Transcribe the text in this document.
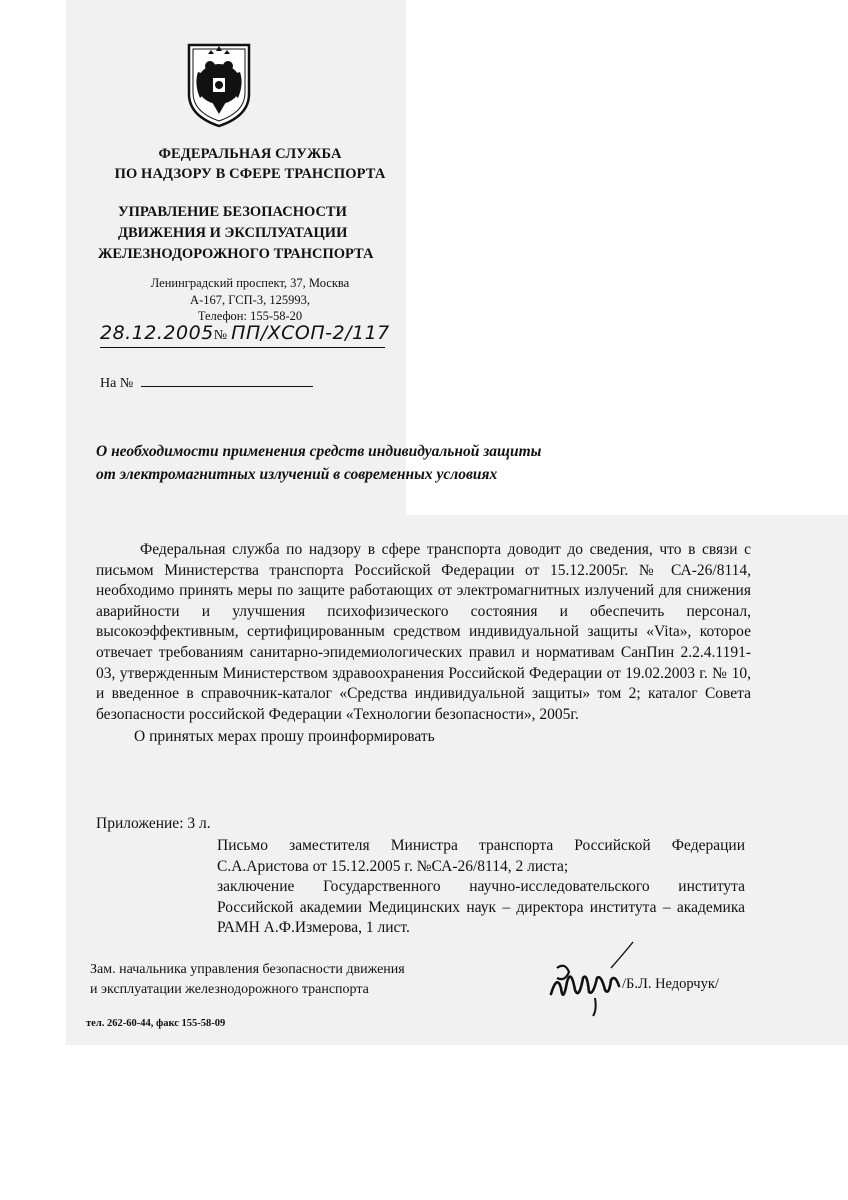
ФЕДЕРАЛЬНАЯ СЛУЖБА
ПО НАДЗОРУ В СФЕРЕ ТРАНСПОРТА
УПРАВЛЕНИЕ БЕЗОПАСНОСТИ
ДВИЖЕНИЯ И ЭКСПЛУАТАЦИИ
ЖЕЛЕЗНОДОРОЖНОГО ТРАНСПОРТА
Ленинградский проспект, 37, Москва
А-167, ГСП-3, 125993,
Телефон: 155-58-20
28.12.2005№ ПП/ХСОП-2/117
На №
О необходимости применения средств индивидуальной защиты
от электромагнитных излучений в современных условиях

Федеральная служба по надзору в сфере транспорта доводит до сведения, что в связи с письмом Министерства транспорта Российской Федерации от 15.12.2005г. № СА-26/8114, необходимо принять меры по защите работающих от электромагнитных излучений для снижения аварийности и улучшения психофизического состояния и обеспечить персонал, высокоэффективным, сертифицированным средством индивидуальной защиты «Vita», которое отвечает требованиям санитарно-эпидемиологических правил и нормативам СанПин 2.2.4.1191-03, утвержденным Министерством здравоохранения Российской Федерации от 19.02.2003 г. № 10, и введенное в справочник-каталог «Средства индивидуальной защиты» том 2; каталог Совета безопасности российской Федерации «Технологии безопасности», 2005г.

О принятых мерах прошу проинформировать

Приложение: 3 л.

Письмо заместителя Министра транспорта Российской Федерации С.А.Аристова от 15.12.2005 г. №СА-26/8114, 2 листа;

заключение Государственного научно-исследовательского института Российской академии Медицинских наук – директора института – академика РАМН А.Ф.Измерова, 1 лист.

Зам. начальника управления безопасности движения
и эксплуатации железнодорожного транспорта	/Б.Л. Недорчук/
тел. 262-60-44, факс 155-58-09
